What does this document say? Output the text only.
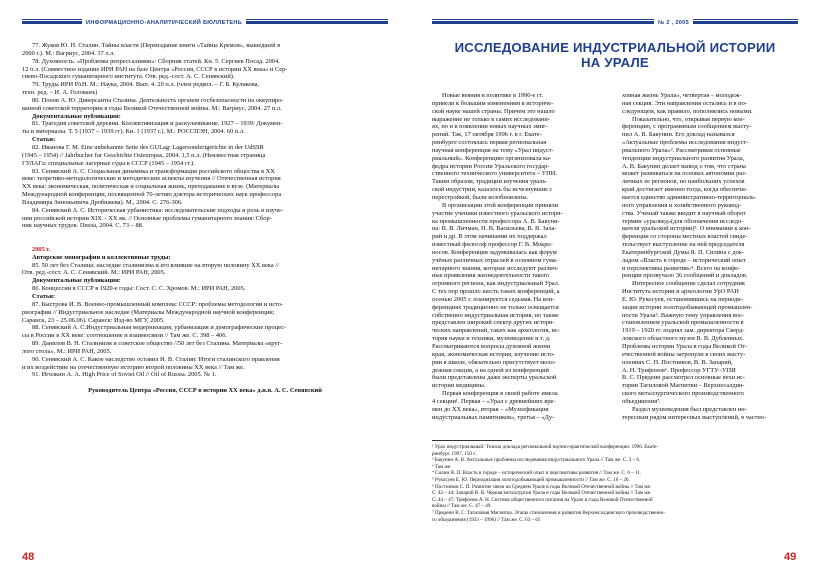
ИНФОРМАЦИОННО-АНАЛИТИЧЕСКИЙ БЮЛЛЕТЕНЬ

77. Жуков Ю. Н. Сталин. Тайны власти (Переиздание книги «Тайны Кремля», вышедшей в

2000 г.). М.: Вагриус, 2004. 37 л.л.

78. Духовность. «Проблемы репрессалиями»: Сборник статей. Кн. 5. Сергиев Посад. 2004.

12 п.л. (Совместное издание ИРИ РАН на базе Центра «Россия, СССР в истории XX века» и Сер-

гиево-Посадского гуманитарного института. Отв. ред.-сост. А. С. Сенявский).

79. Труды ИРИ РАН. М.: Наука, 2004. Вып. 4. 20 п.л. (член редкол. – Г. Б. Куликова,

техн. ред. – И. А. Голованъ)

80. Попов А. Ю. Диверсанты Сталина. Деятельность органов госбезопасности на оккупиро-

ванной советской территории в годы Великой Отечественной войны. М.: Вагриус, 2004. 27 п.л.

Документальные публикации:

81. Трагедия советской деревни. Коллективизация и раскулачивание. 1927 – 1939: Докумен-

ты и материалы. Т. 5 (1937 – 1939 гг). Кн. 1 (1937 г.). М.: РОССПЭН, 2004. 60 п.л.

Статьи:

82. Иванова Г. М. Eine unbekannte Seite des GULag: Lagersonderigerichte in der UdSSR

(1945 – 1954) // Jahrbucher fur Geschichte Osteuropas, 2004. 1,5 п.л. (Неизвестная страница

ГУЛАГа: специальные лагерные суды в СССР (1945 – 1954 гг.).

83. Сенявский А. С. Социальная динамика и трансформация российского общества в XX

веке: теоретико-методологические и методические аспекты изучения // Отечественная история

XX века: экономическая, политическая и социальная жизнь, преподавание в вузе. (Материалы

Международной конференции, посвященной 70-летию доктора исторических наук профессора

Владимира Зиновьевича Дробижева). М., 2004. С. 276-306.

84. Сенявский А. С. Историческая урбанистика: исследовательские подходы и роль в изуче-

нии российской истории XIX – XX вв. // Основные проблемы гуманитарного знания: Сбор-

ник научных трудов. Пенза, 2004. С. 73 – 88.

2005 г.

Авторские монографии и коллективные труды:

85. 50 лет без Сталина: наследие сталинизма и его влияние на вторую половину XX века //

Отв. ред.-сост. А. С. Сенявский. М.: ИРИ РАН, 2005.

Документальные публикации:

86. Концессии в СССР в 1920-е годы: Сост. С. С. Хромов. М.: ИРИ РАН, 2005.

Статьи:

87. Быстрова И. В. Военно-промышленный комплекс СССР: проблемы методологии и исто-

риографии // Индустриальное наследие (Материалы Международной научной конференции;

Саранск, 23 – 25.06.06). Саранск: Изд-во МГУ, 2005.

88. Сенявский А. С.Индустриальная модернизация, урбанизация и демографические процес-

сы в России в XX веке: соотношение и взаимосвязи // Там же. С. 398 – 406.

89. Данилов В. Н. Сталинизм и советское общество //50 лет без Сталина. Материалы «круг-

лого стола». М.: ИРИ РАН, 2005.

90. Сенявский А. С. Какое наследство оставил И. В. Сталин: Итоги сталинского правления

и их воздействие на отечественную историю второй половины XX века // Там же.

91. Иголкин А. А. High Price of Soviet Oil // Oil of Russia. 2005. № 1.

Руководитель Центра «Россия, СССР в истории XX века» д.и.н. А. С. Сенявский

48
№ 2 , 2005
ИССЛЕДОВАНИЕ ИНДУСТРИАЛЬНОЙ ИСТОРИИ
НА УРАЛЕ

Новые веяния в политике в 1990-е гг.

привели к большим изменениям в историче-

ской науке нашей страны. Причем это нашло

выражение не только в самих исследовани-

ях, но и в появлении новых научных эмиг-

рений. Так, 17 октября 1996 г. в г. Екате-

ринбурге состоялась первая региональная

научная конференция на тему «Урал индуст-

риальный». Конференцию организовала ка-

федра истории России Уральского государ-

ственного технического университета – УПИ.

Таким образом, традиции изучения ураль-

ской индустрии, казалось бы исчезнувшие с

перестройкой, были возобновлены.

В организации этой конференции приняли

участие ученики известного уральского истори-

ка промышленности профессора А. В. Бакуни-

на: В. В. Личман, Н. В. Васильева, В. В. Заха-

рий и др. В этом начинании их поддержал

известный философ профессор Г. В. Мокро-

носов. Конференция задумывалась как форум

учёных различных отраслей в основном гума-

нитарного знания, которые исследуют различ-

ные проявления жизнедеятельности такого

огромного региона, как индустриальный Урал.

С тех пор прошло шесть таких конференций, а

осенью 2005 г. планируется седьмая. На кон-

ференциях традиционно не только освещается

собственно индустриальная история, но также

представлен широкий спектр других истори-

ческих направлений, таких как археология, ис-

тория науки и техники, музееведение и т. д.

Рассматриваются вопросы духовной жизни

края, экономическая история, изучение исто-

рии в школе, обязательно присутствует моло-

дежная секция, а на одной из конференций

были представлены даже эксперты уральской

истории медицины.

Первая конференция в своей работе имела

4 секции¹. Первая – «Урал с древнейших вре-

мен до XX века», вторая – «Музеефикация

индустриальных памятников», третья – «Ду-

ховная жизнь Урала», четвертая – молодеж-

ная секция. Эти направления остались и в по-

следующем, как правило, пополнялись новыми.

Показательно, что, открывая первую кон-

ференцию, с программным сообщением высту-

пил А. В. Бакунин. Его доклад назывался

«Актуальные проблемы исследования индуст-

риального Урала»². Рассматривая основные

тенденции индустриального развития Урала,

А. В. Бакунин делает вывод о том, что страна

может развиваться на основах автономии раз-

личных ее регионов, но наибольших успехов

край достигает именно тогда, когда обеспечи-

вается единство административно-территориаль-

ного управления и хозяйственного руковод-

ства. Ученый также вводит в научный оборот

термин «уралвед»(для обозначения исследо-

вателя уральской истории)³. О внимании к кон-

ференции со стороны местных властей свиде-

тельствует выступление на ней председателя

Екатеринбургской Думы Я. П. Силина с док-

ладом «Власть в городе – исторический опыт

и перспективы развития»⁴. Всего на конфе-

ренции прозвучало 36 сообщений и докладов.

Интересное сообщение сделал сотрудник

Института истории и археологии УрО РАН

Е. Ю. Рукосуев, остановившись на периоди-

зации истории золотодобывающей промышлен-

ности Урала⁵. Важную тему управления вос-

становлением уральской промышленности в

1919 – 1920 гг. поднял зам. директора Сверд-

ловского областного музея В. В. Дубленных.

Проблемы истории Урала в годы Великой От-

ечественной войны затронули в своих высту-

плениях С. П. Постников, В. В. Запарий,

А. Н. Трифонов⁶. Профессор УГТУ–УПИ

В. С. Прядеин рассмотрел основные вехи ис-

тории Тагиловой Магнитки – Верхнесалдин-

ского металлургического производственного

объединения⁷.

Раздел музееведения был представлен ин-

тересным рядом интересных выступлений, в частно-

¹ Урал индустриальный: Тезисы доклада региональной научно-практической конференции. 1996. Екате-

ринбург. 1997. 150 с.

² Бакунин А. В. Актуальные проблемы исследования индустриального Урала // Там же. С. 3 – 6.

³ Там же.

⁴ Силин Я. П. Власть в городе – исторический опыт и перспективы развития // Там же. С. 6 – 11.

⁵ Рукосуев Е. Ю. Периодизация золотодобывающей промышленности // Там же. С. 16 – 20.

⁶ Постников С. П. Развитие связи на Среднем Урале в годы Великой Отечественной войны // Там же.

С. 42 – 44; Запарий В. В. Черная металлургия Урала в годы Великой Отечественной войны // Там же.

С. 44 – 47; Трифонов А. Н. Система общественного питания на Урале в годы Великой Отечественной

войны // Там же. С. 47 – 49.

⁷ Прядеин В. С. Тагиловая Магнитка. Этапы становления и развития Верхнесалдинского производственно-

го объединения (1933 – 1996) // Там же. С. 63 – 65

49
